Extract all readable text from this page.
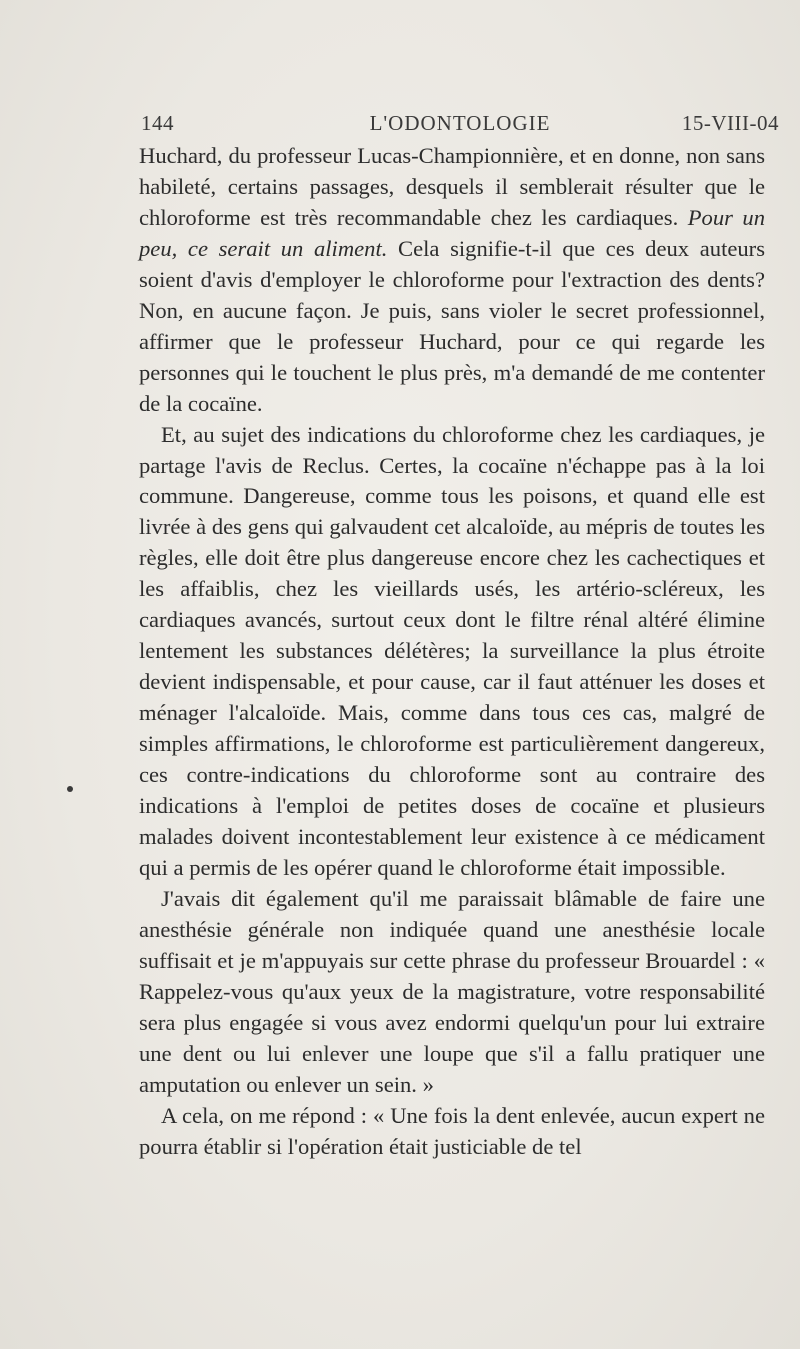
144	L'ODONTOLOGIE	15-VIII-04

Huchard, du professeur Lucas-Championnière, et en donne, non sans habileté, certains passages, desquels il semblerait résulter que le chloroforme est très recommandable chez les cardiaques. Pour un peu, ce serait un aliment. Cela signifie-t-il que ces deux auteurs soient d'avis d'employer le chloroforme pour l'extraction des dents? Non, en aucune façon. Je puis, sans violer le secret professionnel, affirmer que le professeur Huchard, pour ce qui regarde les personnes qui le touchent le plus près, m'a demandé de me contenter de la cocaïne.

Et, au sujet des indications du chloroforme chez les cardiaques, je partage l'avis de Reclus. Certes, la cocaïne n'échappe pas à la loi commune. Dangereuse, comme tous les poisons, et quand elle est livrée à des gens qui galvaudent cet alcaloïde, au mépris de toutes les règles, elle doit être plus dangereuse encore chez les cachectiques et les affaiblis, chez les vieillards usés, les artério-scléreux, les cardiaques avancés, surtout ceux dont le filtre rénal altéré élimine lentement les substances délétères; la surveillance la plus étroite devient indispensable, et pour cause, car il faut atténuer les doses et ménager l'alcaloïde. Mais, comme dans tous ces cas, malgré de simples affirmations, le chloroforme est particulièrement dangereux, ces contre-indications du chloroforme sont au contraire des indications à l'emploi de petites doses de cocaïne et plusieurs malades doivent incontestablement leur existence à ce médicament qui a permis de les opérer quand le chloroforme était impossible.

J'avais dit également qu'il me paraissait blâmable de faire une anesthésie générale non indiquée quand une anesthésie locale suffisait et je m'appuyais sur cette phrase du professeur Brouardel : « Rappelez-vous qu'aux yeux de la magistrature, votre responsabilité sera plus engagée si vous avez endormi quelqu'un pour lui extraire une dent ou lui enlever une loupe que s'il a fallu pratiquer une amputation ou enlever un sein. »

A cela, on me répond : « Une fois la dent enlevée, aucun expert ne pourra établir si l'opération était justiciable de tel
